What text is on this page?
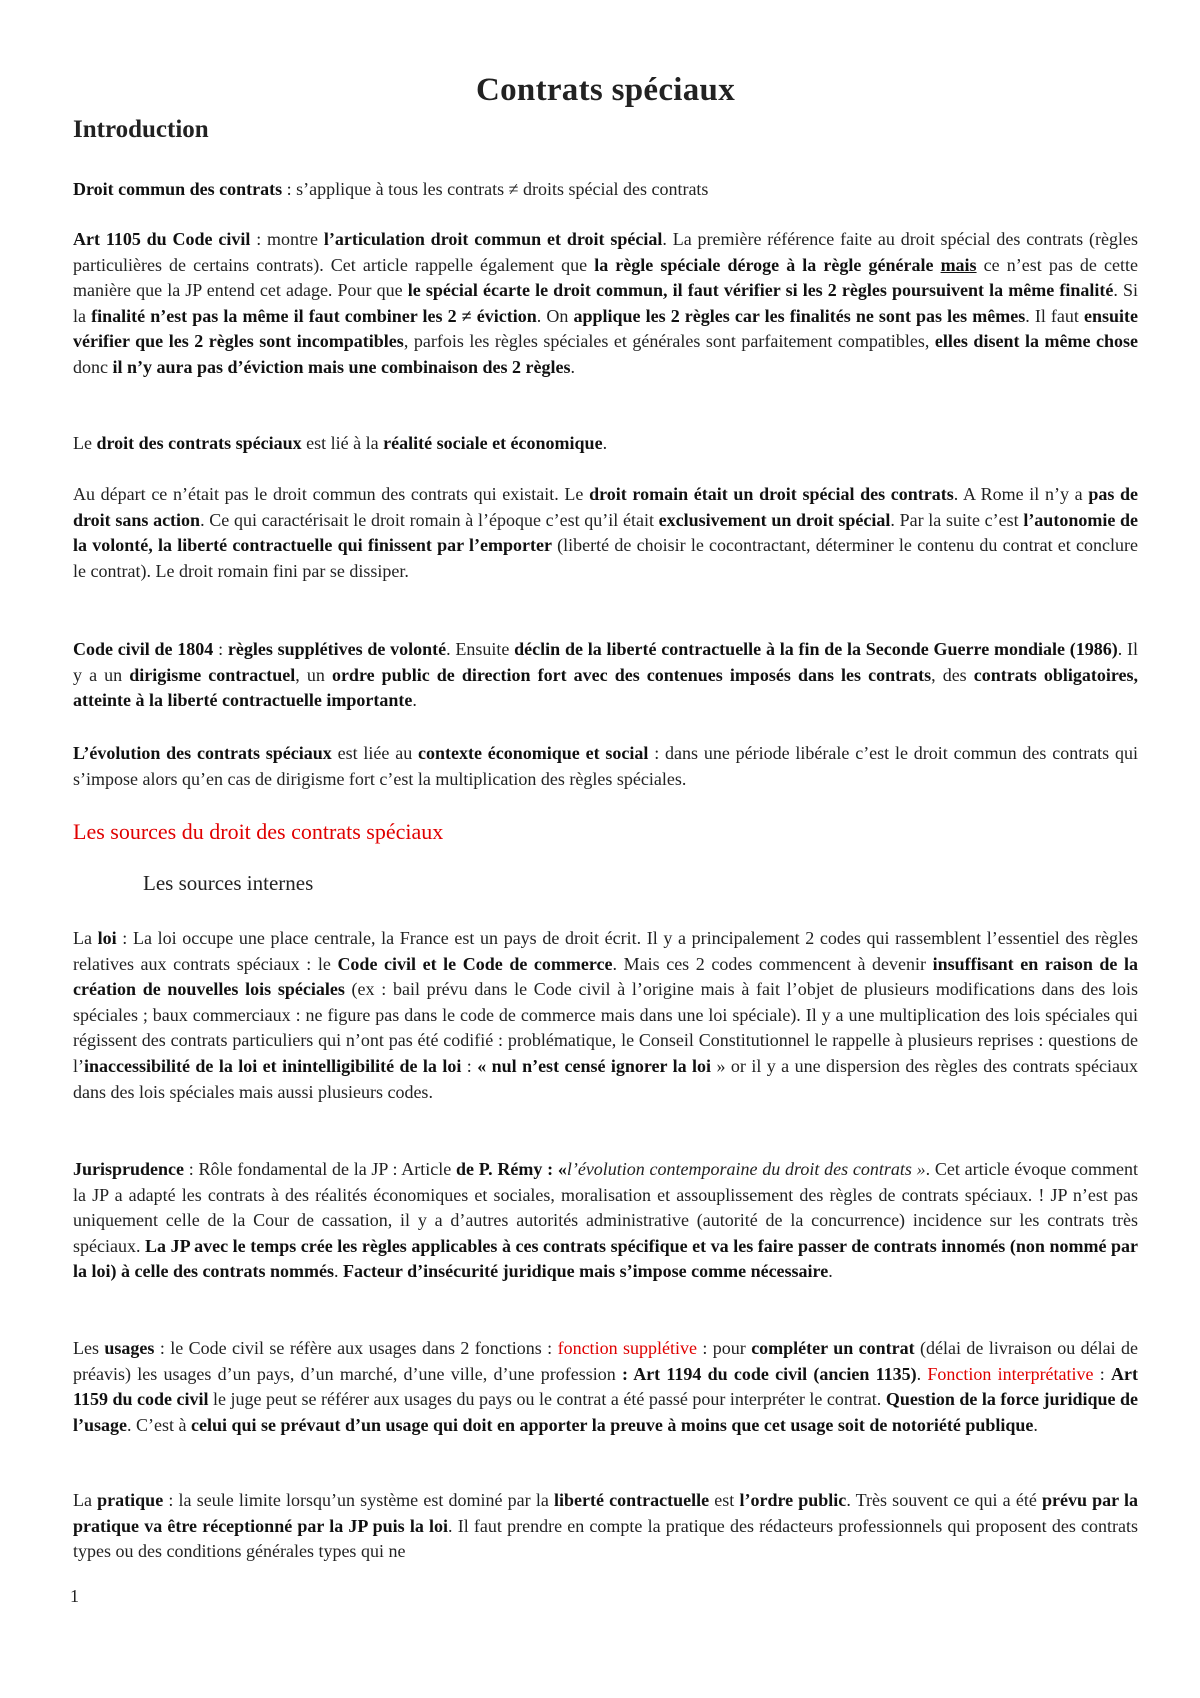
Contrats spéciaux
Introduction

Droit commun des contrats : s’applique à tous les contrats ≠ droits spécial des contrats

Art 1105 du Code civil : montre l’articulation droit commun et droit spécial. La première référence faite au droit spécial des contrats (règles particulières de certains contrats). Cet article rappelle également que la règle spéciale déroge à la règle générale mais ce n’est pas de cette manière que la JP entend cet adage. Pour que le spécial écarte le droit commun, il faut vérifier si les 2 règles poursuivent la même finalité. Si la finalité n’est pas la même il faut combiner les 2 ≠ éviction. On applique les 2 règles car les finalités ne sont pas les mêmes. Il faut ensuite vérifier que les 2 règles sont incompatibles, parfois les règles spéciales et générales sont parfaitement compatibles, elles disent la même chose donc il n’y aura pas d’éviction mais une combinaison des 2 règles.

Le droit des contrats spéciaux est lié à la réalité sociale et économique.

Au départ ce n’était pas le droit commun des contrats qui existait. Le droit romain était un droit spécial des contrats. A Rome il n’y a pas de droit sans action. Ce qui caractérisait le droit romain à l’époque c’est qu’il était exclusivement un droit spécial. Par la suite c’est l’autonomie de la volonté, la liberté contractuelle qui finissent par l’emporter (liberté de choisir le cocontractant, déterminer le contenu du contrat et conclure le contrat). Le droit romain fini par se dissiper.

Code civil de 1804 : règles supplétives de volonté. Ensuite déclin de la liberté contractuelle à la fin de la Seconde Guerre mondiale (1986). Il y a un dirigisme contractuel, un ordre public de direction fort avec des contenues imposés dans les contrats, des contrats obligatoires, atteinte à la liberté contractuelle importante.

L’évolution des contrats spéciaux est liée au contexte économique et social : dans une période libérale c’est le droit commun des contrats qui s’impose alors qu’en cas de dirigisme fort c’est la multiplication des règles spéciales.

Les sources du droit des contrats spéciaux
Les sources internes

La loi : La loi occupe une place centrale, la France est un pays de droit écrit. Il y a principalement 2 codes qui rassemblent l’essentiel des règles relatives aux contrats spéciaux : le Code civil et le Code de commerce. Mais ces 2 codes commencent à devenir insuffisant en raison de la création de nouvelles lois spéciales (ex : bail prévu dans le Code civil à l’origine mais à fait l’objet de plusieurs modifications dans des lois spéciales ; baux commerciaux : ne figure pas dans le code de commerce mais dans une loi spéciale). Il y a une multiplication des lois spéciales qui régissent des contrats particuliers qui n’ont pas été codifié : problématique, le Conseil Constitutionnel le rappelle à plusieurs reprises : questions de l’inaccessibilité de la loi et inintelligibilité de la loi : « nul n’est censé ignorer la loi » or il y a une dispersion des règles des contrats spéciaux dans des lois spéciales mais aussi plusieurs codes.

Jurisprudence : Rôle fondamental de la JP : Article de P. Rémy : «l’évolution contemporaine du droit des contrats ». Cet article évoque comment la JP a adapté les contrats à des réalités économiques et sociales, moralisation et assouplissement des règles de contrats spéciaux. ! JP n’est pas uniquement celle de la Cour de cassation, il y a d’autres autorités administrative (autorité de la concurrence) incidence sur les contrats très spéciaux. La JP avec le temps crée les règles applicables à ces contrats spécifique et va les faire passer de contrats innomés (non nommé par la loi) à celle des contrats nommés. Facteur d’insécurité juridique mais s’impose comme nécessaire.

Les usages : le Code civil se réfère aux usages dans 2 fonctions : fonction supplétive : pour compléter un contrat (délai de livraison ou délai de préavis) les usages d’un pays, d’un marché, d’une ville, d’une profession : Art 1194 du code civil (ancien 1135). Fonction interprétative : Art 1159 du code civil le juge peut se référer aux usages du pays ou le contrat a été passé pour interpréter le contrat. Question de la force juridique de l’usage. C’est à celui qui se prévaut d’un usage qui doit en apporter la preuve à moins que cet usage soit de notoriété publique.

La pratique : la seule limite lorsqu’un système est dominé par la liberté contractuelle est l’ordre public. Très souvent ce qui a été prévu par la pratique va être réceptionné par la JP puis la loi. Il faut prendre en compte la pratique des rédacteurs professionnels qui proposent des contrats types ou des conditions générales types qui ne

1
